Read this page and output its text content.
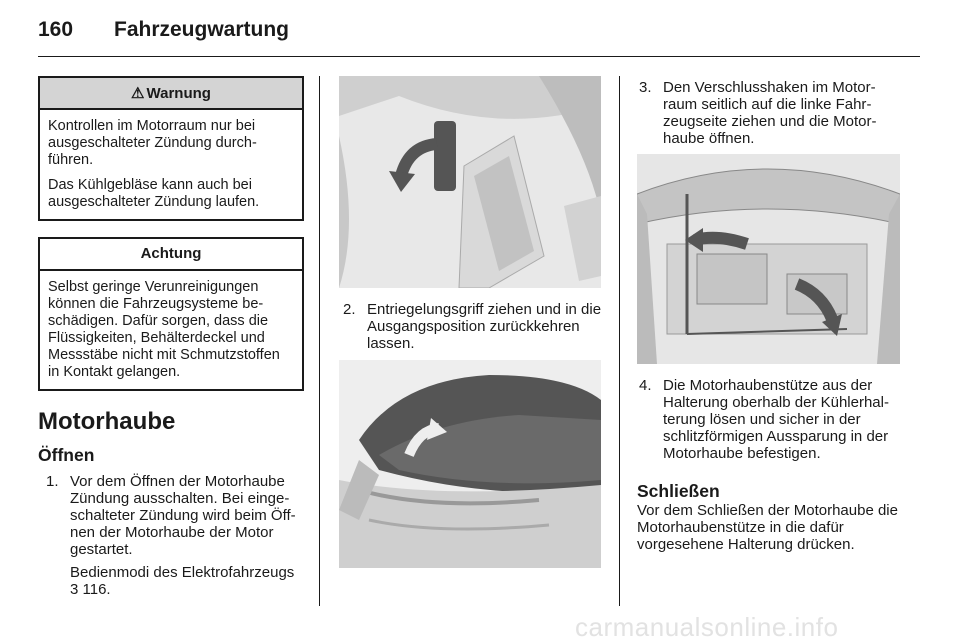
160 Fahrzeugwartung
⚠ Warnung

Kontrollen im Motorraum nur bei ausgeschalteter Zündung durchführen.

Das Kühlgebläse kann auch bei ausgeschalteter Zündung laufen.

Achtung

Selbst geringe Verunreinigungen können die Fahrzeugsysteme beschädigen. Dafür sorgen, dass die Flüssigkeiten, Behälterdeckel und Messstäbe nicht mit Schmutzstoffen in Kontakt gelangen.

Motorhaube
Öffnen
1. Vor dem Öffnen der Motorhaube Zündung ausschalten. Bei eingeschalteter Zündung wird beim Öffnen der Motorhaube der Motor gestartet.
Bedienmodi des Elektrofahrzeugs
3 116.
2. Entriegelungsgriff ziehen und in die Ausgangsposition zurückkehren lassen.
3. Den Verschlusshaken im Motorraum seitlich auf die linke Fahrzeugseite ziehen und die Motorhaube öffnen.
4. Die Motorhaubenstütze aus der Halterung oberhalb der Kühlerhalterung lösen und sicher in der schlitzförmigen Aussparung in der Motorhaube befestigen.
Schließen
Vor dem Schließen der Motorhaube die Motorhaubenstütze in die dafür vorgesehene Halterung drücken.
carmanualsonline.info
